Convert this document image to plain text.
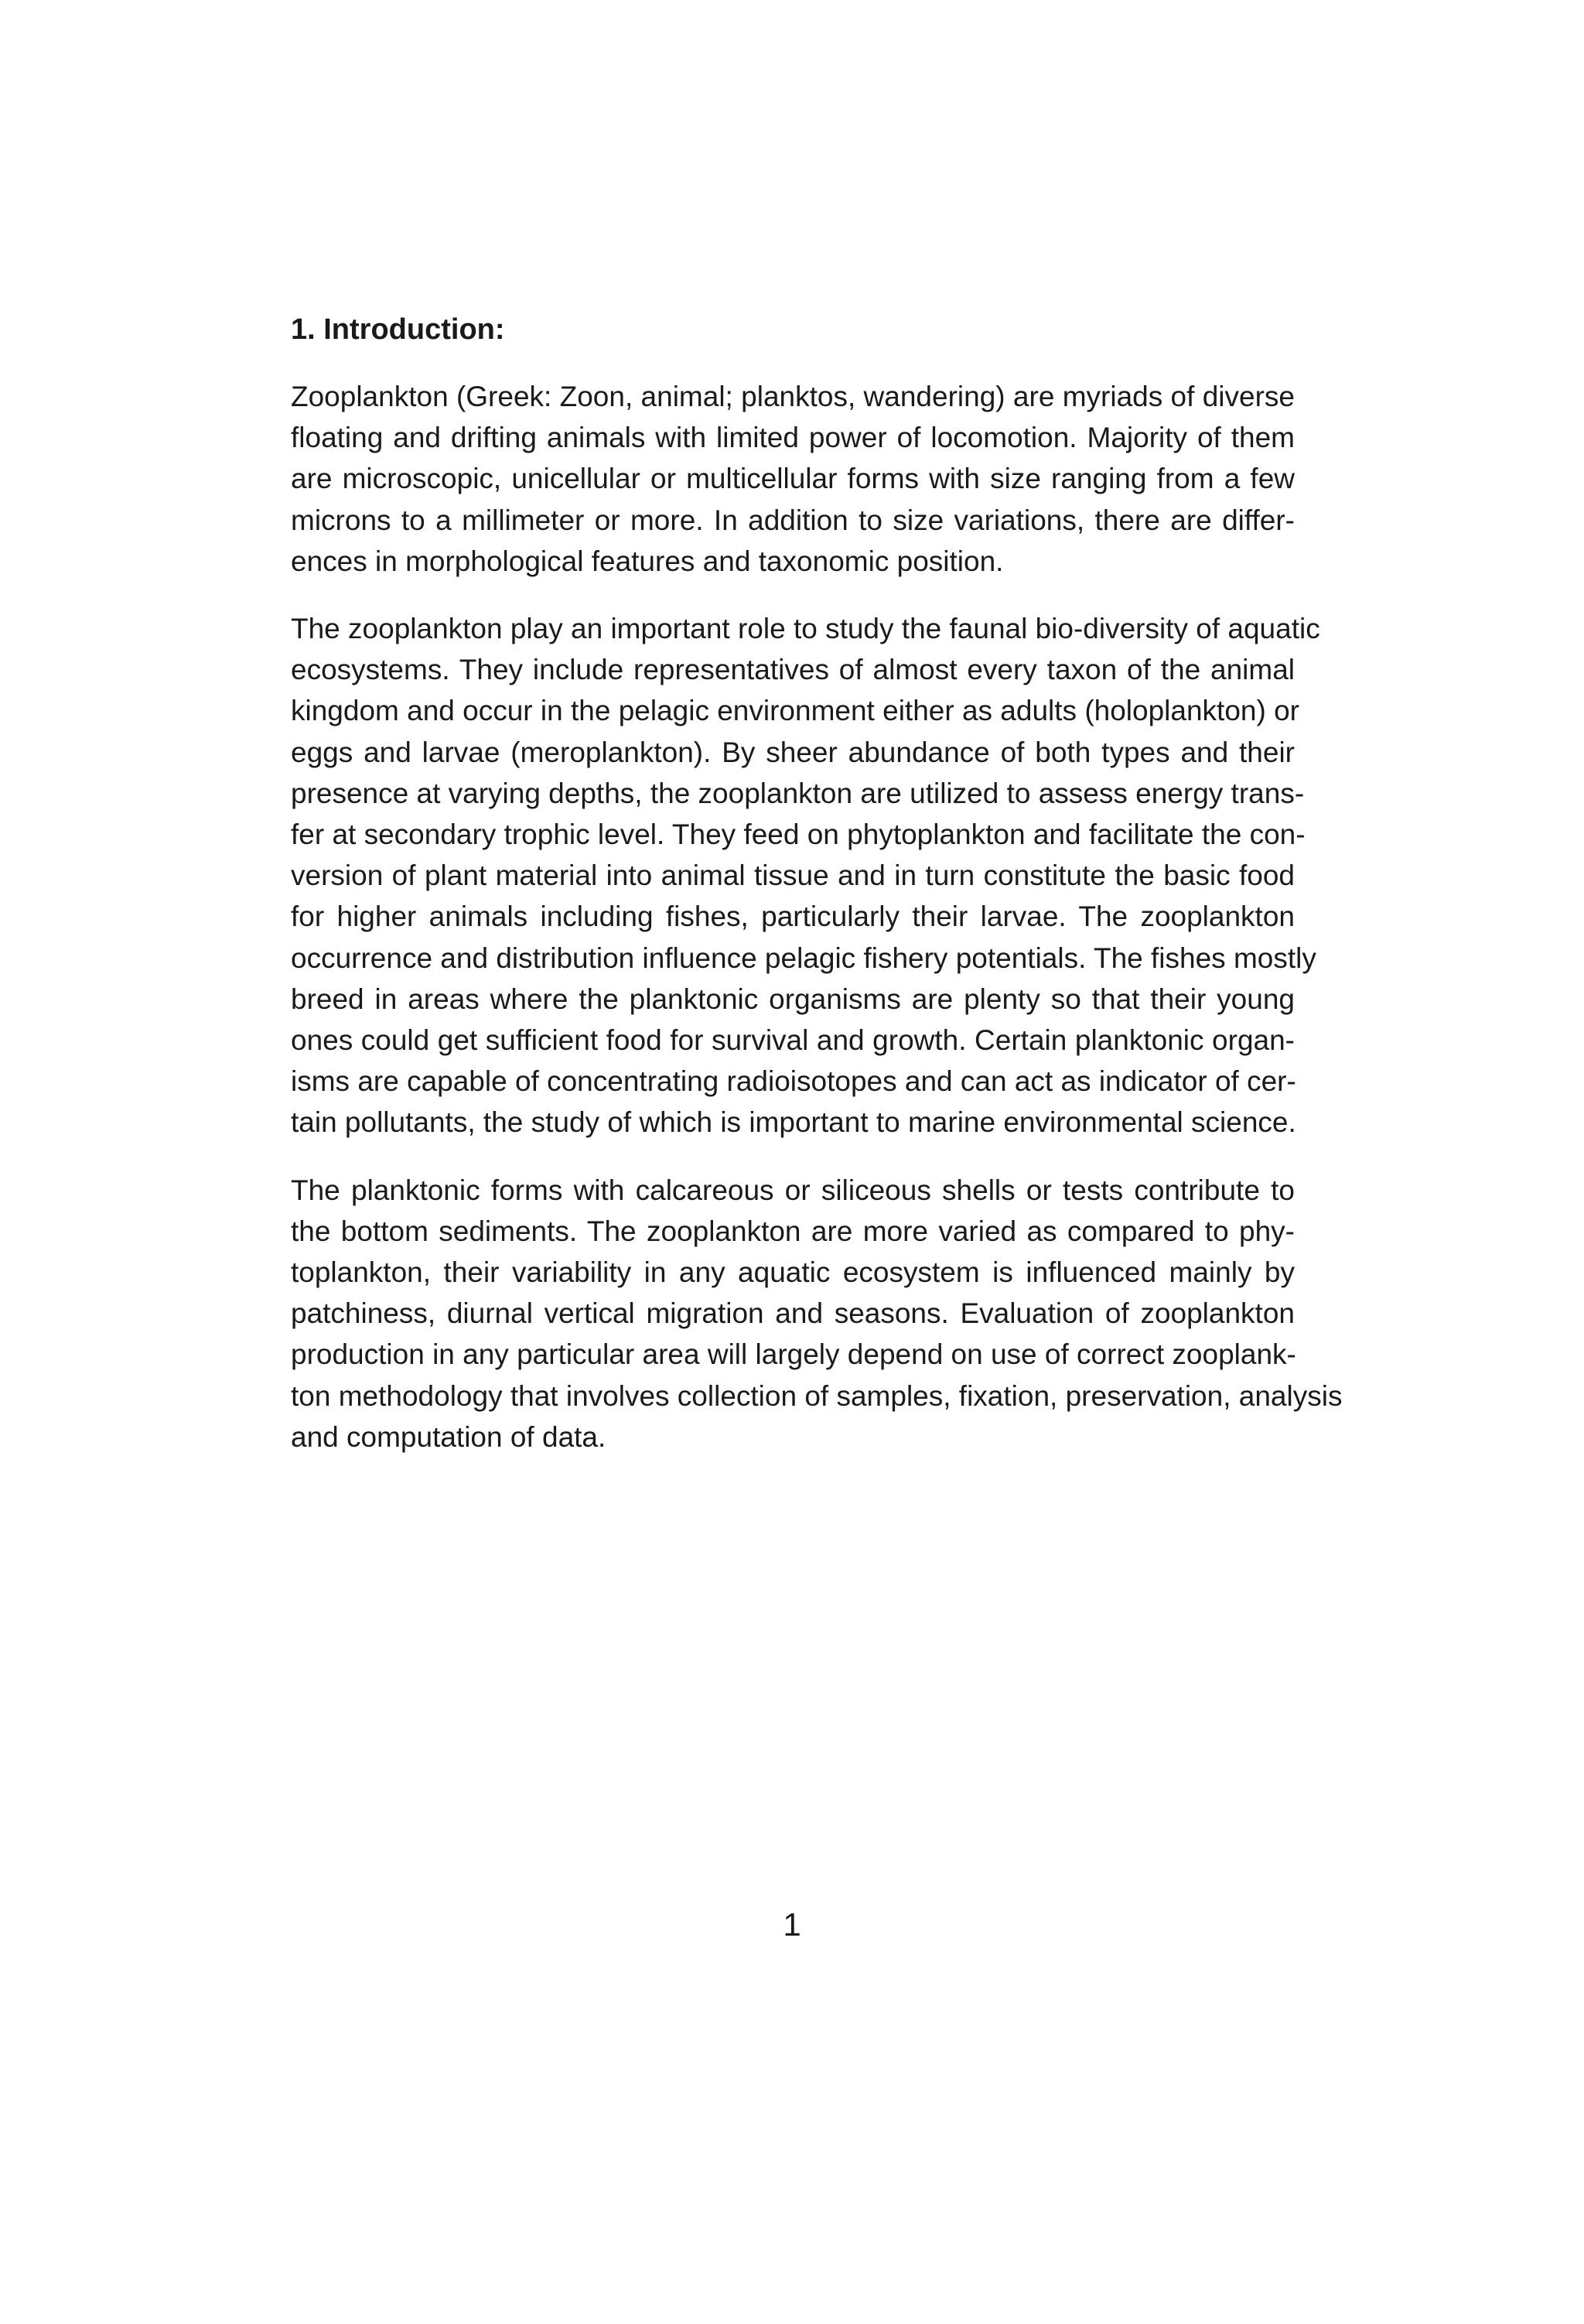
1. Introduction:
Zooplankton (Greek: Zoon, animal; planktos, wandering) are myriads of diverse
floating and drifting animals with limited power of locomotion. Majority of them
are microscopic, unicellular or multicellular forms with size ranging from a few
microns to a millimeter or more. In addition to size variations, there are differ-
ences in morphological features and taxonomic position.
The zooplankton play an important role to study the faunal bio-diversity of aquatic
ecosystems. They include representatives of almost every taxon of the animal
kingdom and occur in the pelagic environment either as adults (holoplankton) or
eggs and larvae (meroplankton). By sheer abundance of both types and their
presence at varying depths, the zooplankton are utilized to assess energy trans-
fer at secondary trophic level. They feed on phytoplankton and facilitate the con-
version of plant material into animal tissue and in turn constitute the basic food
for higher animals including fishes, particularly their larvae. The zooplankton
occurrence and distribution influence pelagic fishery potentials. The fishes mostly
breed in areas where the planktonic organisms are plenty so that their young
ones could get sufficient food for survival and growth. Certain planktonic organ-
isms are capable of concentrating radioisotopes and can act as indicator of cer-
tain pollutants, the study of which is important to marine environmental science.
The planktonic forms with calcareous or siliceous shells or tests contribute to
the bottom sediments. The zooplankton are more varied as compared to phy-
toplankton, their variability in any aquatic ecosystem is influenced mainly by
patchiness, diurnal vertical migration and seasons. Evaluation of zooplankton
production in any particular area will largely depend on use of correct zooplank-
ton methodology that involves collection of samples, fixation, preservation, analysis
and computation of data.
1
